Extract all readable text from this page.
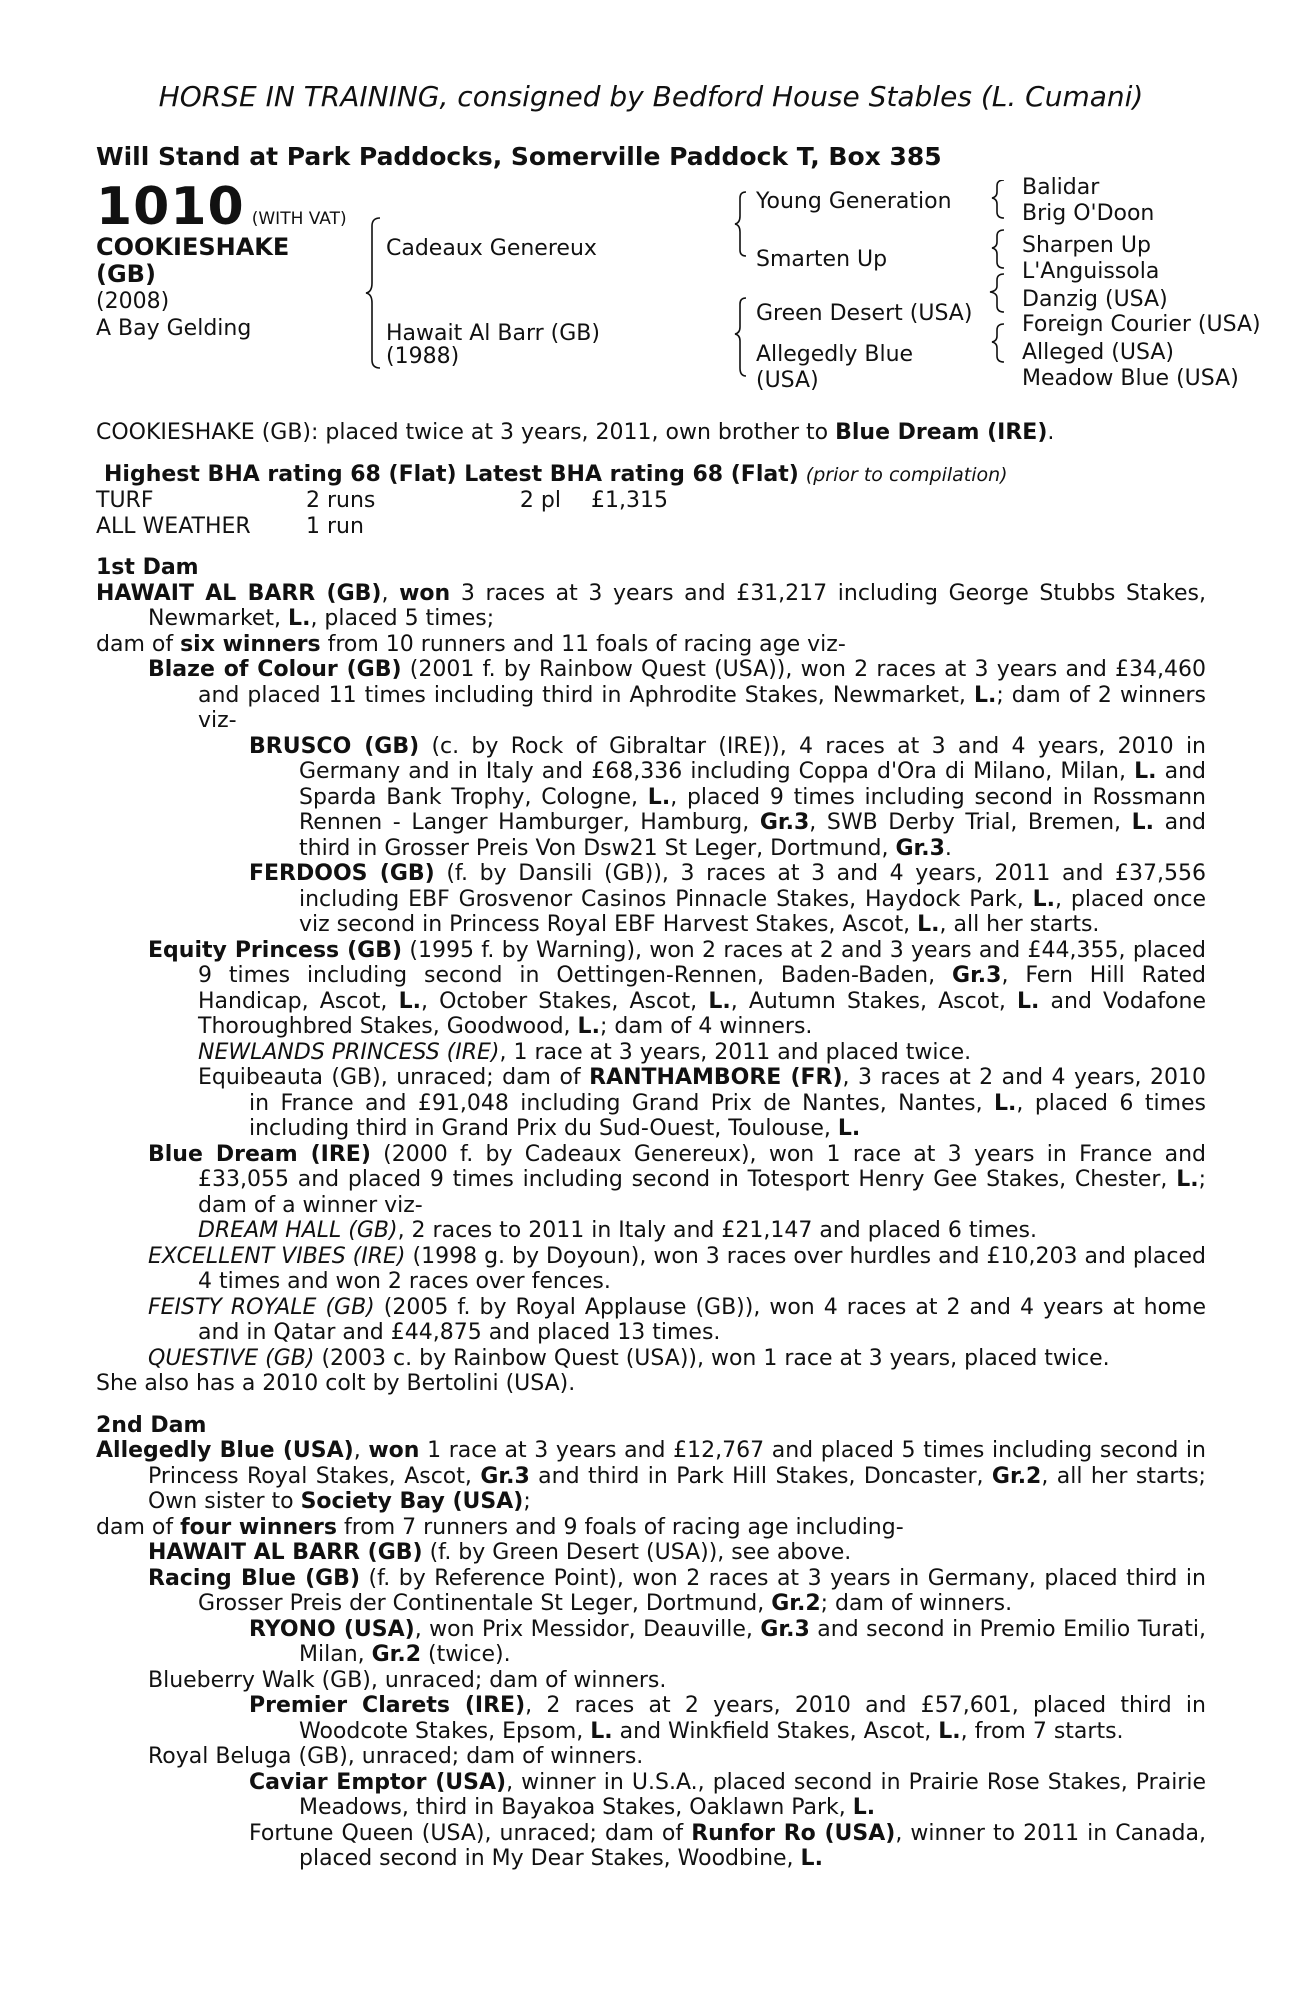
HORSE IN TRAINING, consigned by Bedford House Stables (L. Cumani)
Will Stand at Park Paddocks, Somerville Paddock T, Box 385
1010 (WITH VAT)
COOKIESHAKE
(GB)
(2008)
A Bay Gelding
Cadeaux Genereux
Hawait Al Barr (GB)
(1988)
Young Generation
Smarten Up
Green Desert (USA)
Allegedly Blue
(USA)
Balidar
Brig O'Doon
Sharpen Up
L'Anguissola
Danzig (USA)
Foreign Courier (USA)
Alleged (USA)
Meadow Blue (USA)

COOKIESHAKE (GB): placed twice at 3 years, 2011, own brother to Blue Dream (IRE).

Highest BHA rating 68 (Flat) Latest BHA rating 68 (Flat) (prior to compilation)

TURF	2 runs	2 pl	£1,315
ALL WEATHER	1 run

1st Dam

HAWAIT AL BARR (GB), won 3 races at 3 years and £31,217 including George Stubbs Stakes, Newmarket, L., placed 5 times;

dam of six winners from 10 runners and 11 foals of racing age viz-

Blaze of Colour (GB) (2001 f. by Rainbow Quest (USA)), won 2 races at 3 years and £34,460 and placed 11 times including third in Aphrodite Stakes, Newmarket, L.; dam of 2 winners viz-

BRUSCO (GB) (c. by Rock of Gibraltar (IRE)), 4 races at 3 and 4 years, 2010 in Germany and in Italy and £68,336 including Coppa d'Ora di Milano, Milan, L. and Sparda Bank Trophy, Cologne, L., placed 9 times including second in Rossmann Rennen - Langer Hamburger, Hamburg, Gr.3, SWB Derby Trial, Bremen, L. and third in Grosser Preis Von Dsw21 St Leger, Dortmund, Gr.3.

FERDOOS (GB) (f. by Dansili (GB)), 3 races at 3 and 4 years, 2011 and £37,556 including EBF Grosvenor Casinos Pinnacle Stakes, Haydock Park, L., placed once viz second in Princess Royal EBF Harvest Stakes, Ascot, L., all her starts.

Equity Princess (GB) (1995 f. by Warning), won 2 races at 2 and 3 years and £44,355, placed 9 times including second in Oettingen-Rennen, Baden-Baden, Gr.3, Fern Hill Rated Handicap, Ascot, L., October Stakes, Ascot, L., Autumn Stakes, Ascot, L. and Vodafone Thoroughbred Stakes, Goodwood, L.; dam of 4 winners.

NEWLANDS PRINCESS (IRE), 1 race at 3 years, 2011 and placed twice.

Equibeauta (GB), unraced; dam of RANTHAMBORE (FR), 3 races at 2 and 4 years, 2010 in France and £91,048 including Grand Prix de Nantes, Nantes, L., placed 6 times including third in Grand Prix du Sud-Ouest, Toulouse, L.

Blue Dream (IRE) (2000 f. by Cadeaux Genereux), won 1 race at 3 years in France and £33,055 and placed 9 times including second in Totesport Henry Gee Stakes, Chester, L.; dam of a winner viz-

DREAM HALL (GB), 2 races to 2011 in Italy and £21,147 and placed 6 times.

EXCELLENT VIBES (IRE) (1998 g. by Doyoun), won 3 races over hurdles and £10,203 and placed 4 times and won 2 races over fences.

FEISTY ROYALE (GB) (2005 f. by Royal Applause (GB)), won 4 races at 2 and 4 years at home and in Qatar and £44,875 and placed 13 times.

QUESTIVE (GB) (2003 c. by Rainbow Quest (USA)), won 1 race at 3 years, placed twice.

She also has a 2010 colt by Bertolini (USA).

2nd Dam

Allegedly Blue (USA), won 1 race at 3 years and £12,767 and placed 5 times including second in Princess Royal Stakes, Ascot, Gr.3 and third in Park Hill Stakes, Doncaster, Gr.2, all her starts; Own sister to Society Bay (USA);

dam of four winners from 7 runners and 9 foals of racing age including-

HAWAIT AL BARR (GB) (f. by Green Desert (USA)), see above.

Racing Blue (GB) (f. by Reference Point), won 2 races at 3 years in Germany, placed third in Grosser Preis der Continentale St Leger, Dortmund, Gr.2; dam of winners.

RYONO (USA), won Prix Messidor, Deauville, Gr.3 and second in Premio Emilio Turati, Milan, Gr.2 (twice).

Blueberry Walk (GB), unraced; dam of winners.

Premier Clarets (IRE), 2 races at 2 years, 2010 and £57,601, placed third in Woodcote Stakes, Epsom, L. and Winkfield Stakes, Ascot, L., from 7 starts.

Royal Beluga (GB), unraced; dam of winners.

Caviar Emptor (USA), winner in U.S.A., placed second in Prairie Rose Stakes, Prairie Meadows, third in Bayakoa Stakes, Oaklawn Park, L.

Fortune Queen (USA), unraced; dam of Runfor Ro (USA), winner to 2011 in Canada, placed second in My Dear Stakes, Woodbine, L.
